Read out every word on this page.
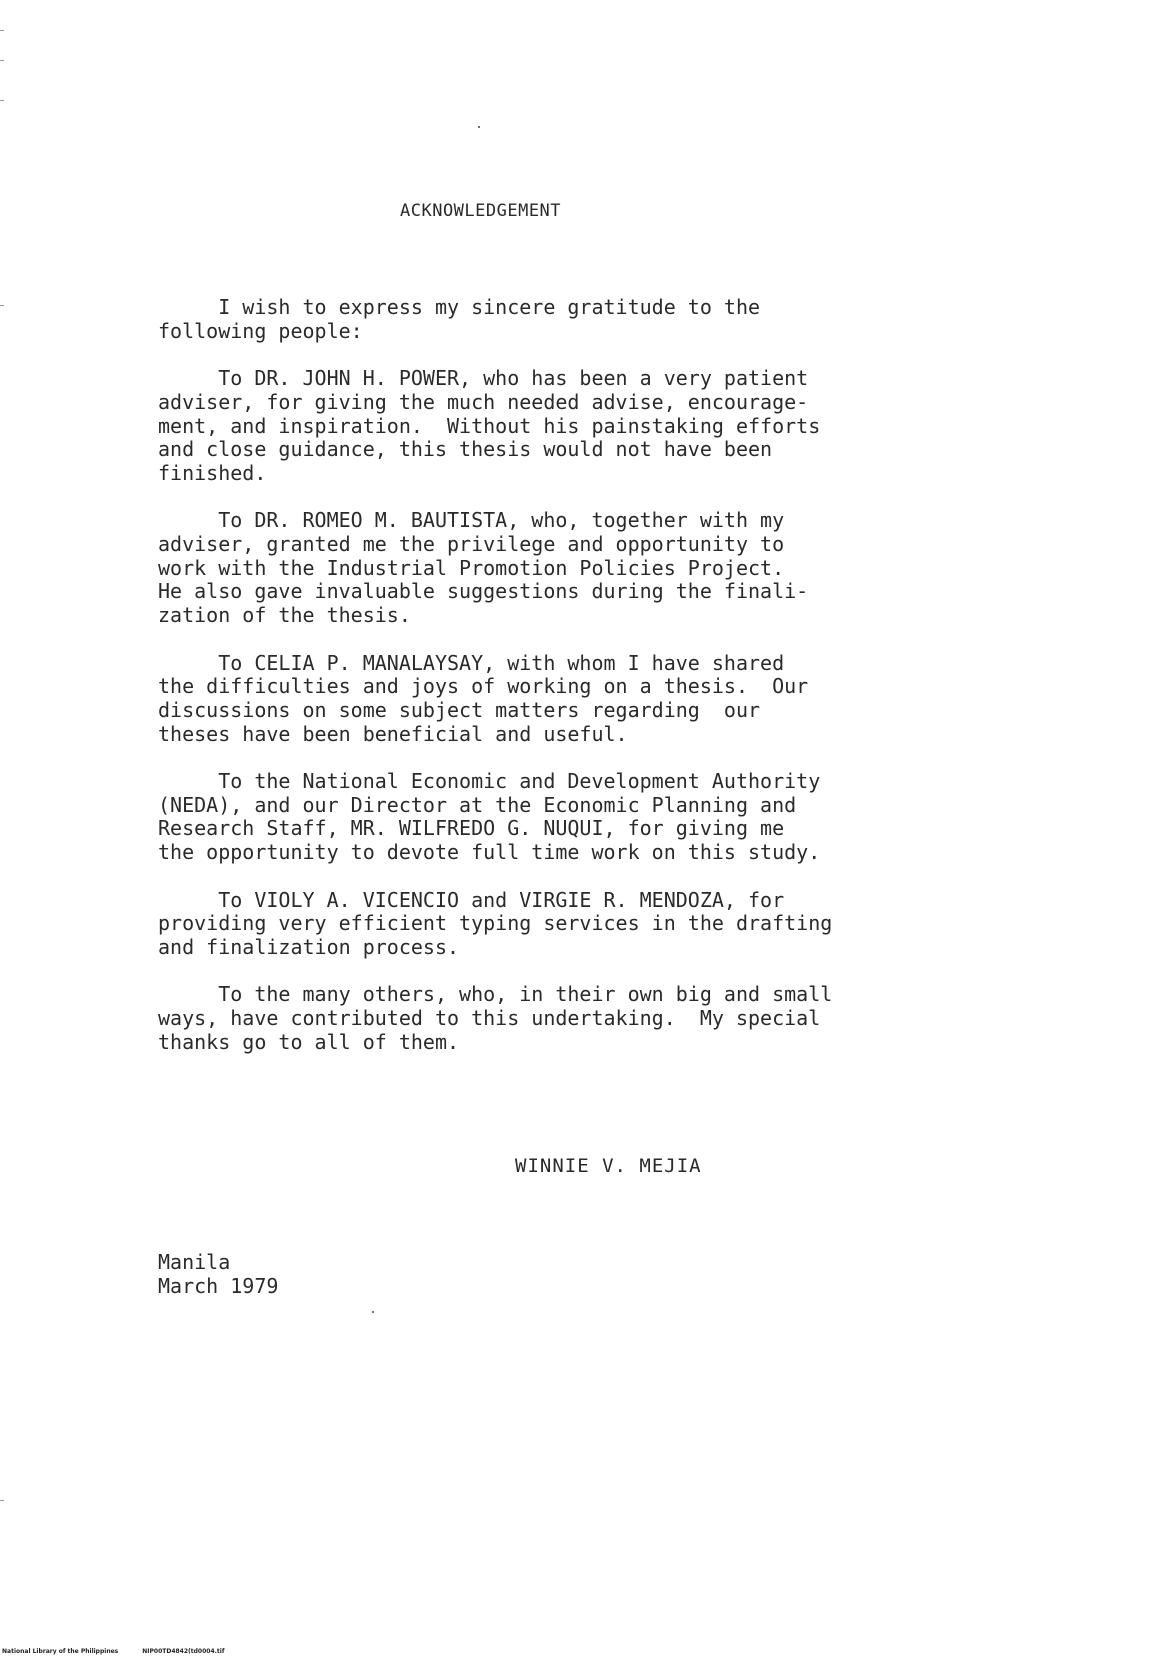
ACKNOWLEDGEMENT

I wish to express my sincere gratitude to the
following people:

To DR. JOHN H. POWER, who has been a very patient
adviser, for giving the much needed advise, encourage-
ment, and inspiration.  Without his painstaking efforts
and close guidance, this thesis would not have been
finished.

To DR. ROMEO M. BAUTISTA, who, together with my
adviser, granted me the privilege and opportunity to
work with the Industrial Promotion Policies Project.
He also gave invaluable suggestions during the finali-
zation of the thesis.

To CELIA P. MANALAYSAY, with whom I have shared
the difficulties and joys of working on a thesis.  Our
discussions on some subject matters regarding  our
theses have been beneficial and useful.

To the National Economic and Development Authority
(NEDA), and our Director at the Economic Planning and
Research Staff, MR. WILFREDO G. NUQUI, for giving me
the opportunity to devote full time work on this study.

To VIOLY A. VICENCIO and VIRGIE R. MENDOZA, for
providing very efficient typing services in the drafting
and finalization process.

To the many others, who, in their own big and small
ways, have contributed to this undertaking.  My special
thanks go to all of them.

WINNIE V. MEJIA
Manila
March 1979
National Library of the Philippines	NIP00TD4842(td0004.tif
